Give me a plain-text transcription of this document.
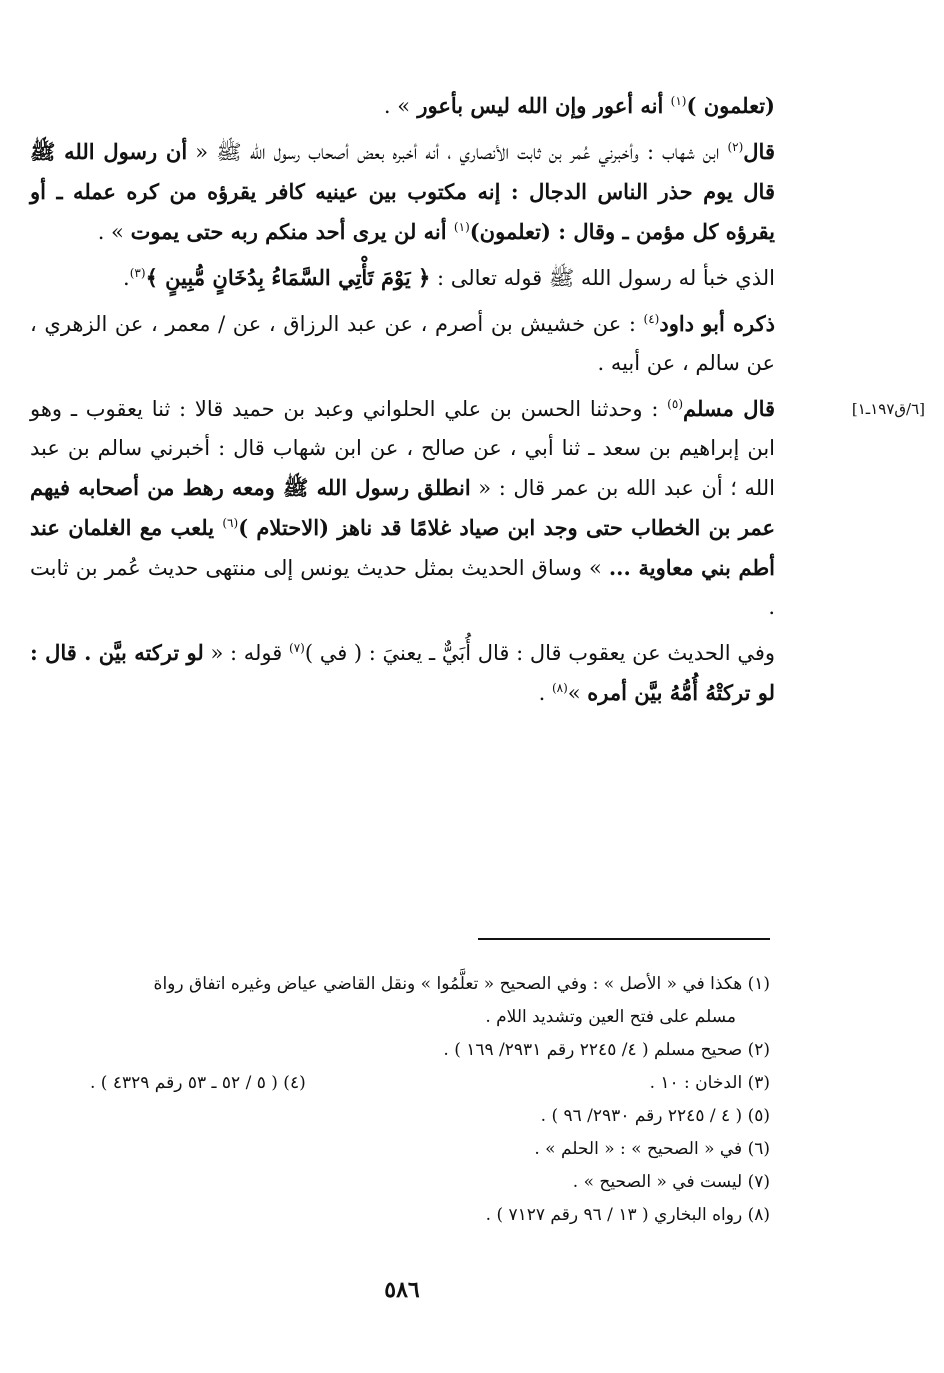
(تعلمون )$^{(١)}$ أنه أعور وإن الله ليس بأعور » .

قال$^{(٢)}$ ابن شهاب : وأخبرني عُمر بن ثابت الأنصاري ، أنه أخبره بعض أصحاب رسول الله ﷺ « أن رسول الله ﷺ قال يوم حذر الناس الدجال : إنه مكتوب بين عينيه كافر يقرؤه من كره عمله ـ أو يقرؤه كل مؤمن ـ وقال : (تعلمون)$^{(١)}$ أنه لن يرى أحد منكم ربه حتى يموت » .

الذي خبأ له رسول الله ﷺ قوله تعالى : ﴿ يَوْمَ تَأْتِي السَّمَاءُ بِدُخَانٍ مُّبِينٍ ﴾$^{(٣)}$.

ذكره أبو داود$^{(٤)}$ : عن خشيش بن أصرم ، عن عبد الرزاق ، عن / معمر ، عن الزهري ، عن سالم ، عن أبيه .

قال مسلم$^{(٥)}$ : وحدثنا الحسن بن علي الحلواني وعبد بن حميد قالا : ثنا يعقوب ـ وهو ابن إبراهيم بن سعد ـ ثنا أبي ، عن صالح ، عن ابن شهاب قال : أخبرني سالم بن عبد الله ؛ أن عبد الله بن عمر قال : « انطلق رسول الله ﷺ ومعه رهط من أصحابه فيهم عمر بن الخطاب حتى وجد ابن صياد غلامًا قد ناهز (الاحتلام )$^{(٦)}$ يلعب مع الغلمان عند أطم بني معاوية ... » وساق الحديث بمثل حديث يونس إلى منتهى حديث عُمر بن ثابت .

وفي الحديث عن يعقوب قال : قال أُبَيٌّ ـ يعنيَ : ( في )$^{(٧)}$ قوله : « لو تركته بيَّن . قال : لو تركتْهُ أُمُّهُ بيَّن أمره »$^{(٨)}$ .

[٦/ق١٩٧ـ١]

(١) هكذا في « الأصل » : وفي الصحيح « تعلَّمُوا » ونقل القاضي عياض وغيره اتفاق رواة

مسلم على فتح العين وتشديد اللام .

(٢) صحيح مسلم ( ٤/ ٢٢٤٥ رقم ٢٩٣١/ ١٦٩ ) .

(٣) الدخان : ١٠ .
(٤) ( ٥ / ٥٢ ـ ٥٣ رقم ٤٣٢٩ ) .

(٥) ( ٤ / ٢٢٤٥ رقم ٢٩٣٠/ ٩٦ ) .

(٦) في « الصحيح » : « الحلم » .

(٧) ليست في « الصحيح » .

(٨) رواه البخاري ( ١٣ / ٩٦ رقم ٧١٢٧ ) .

٥٨٦
